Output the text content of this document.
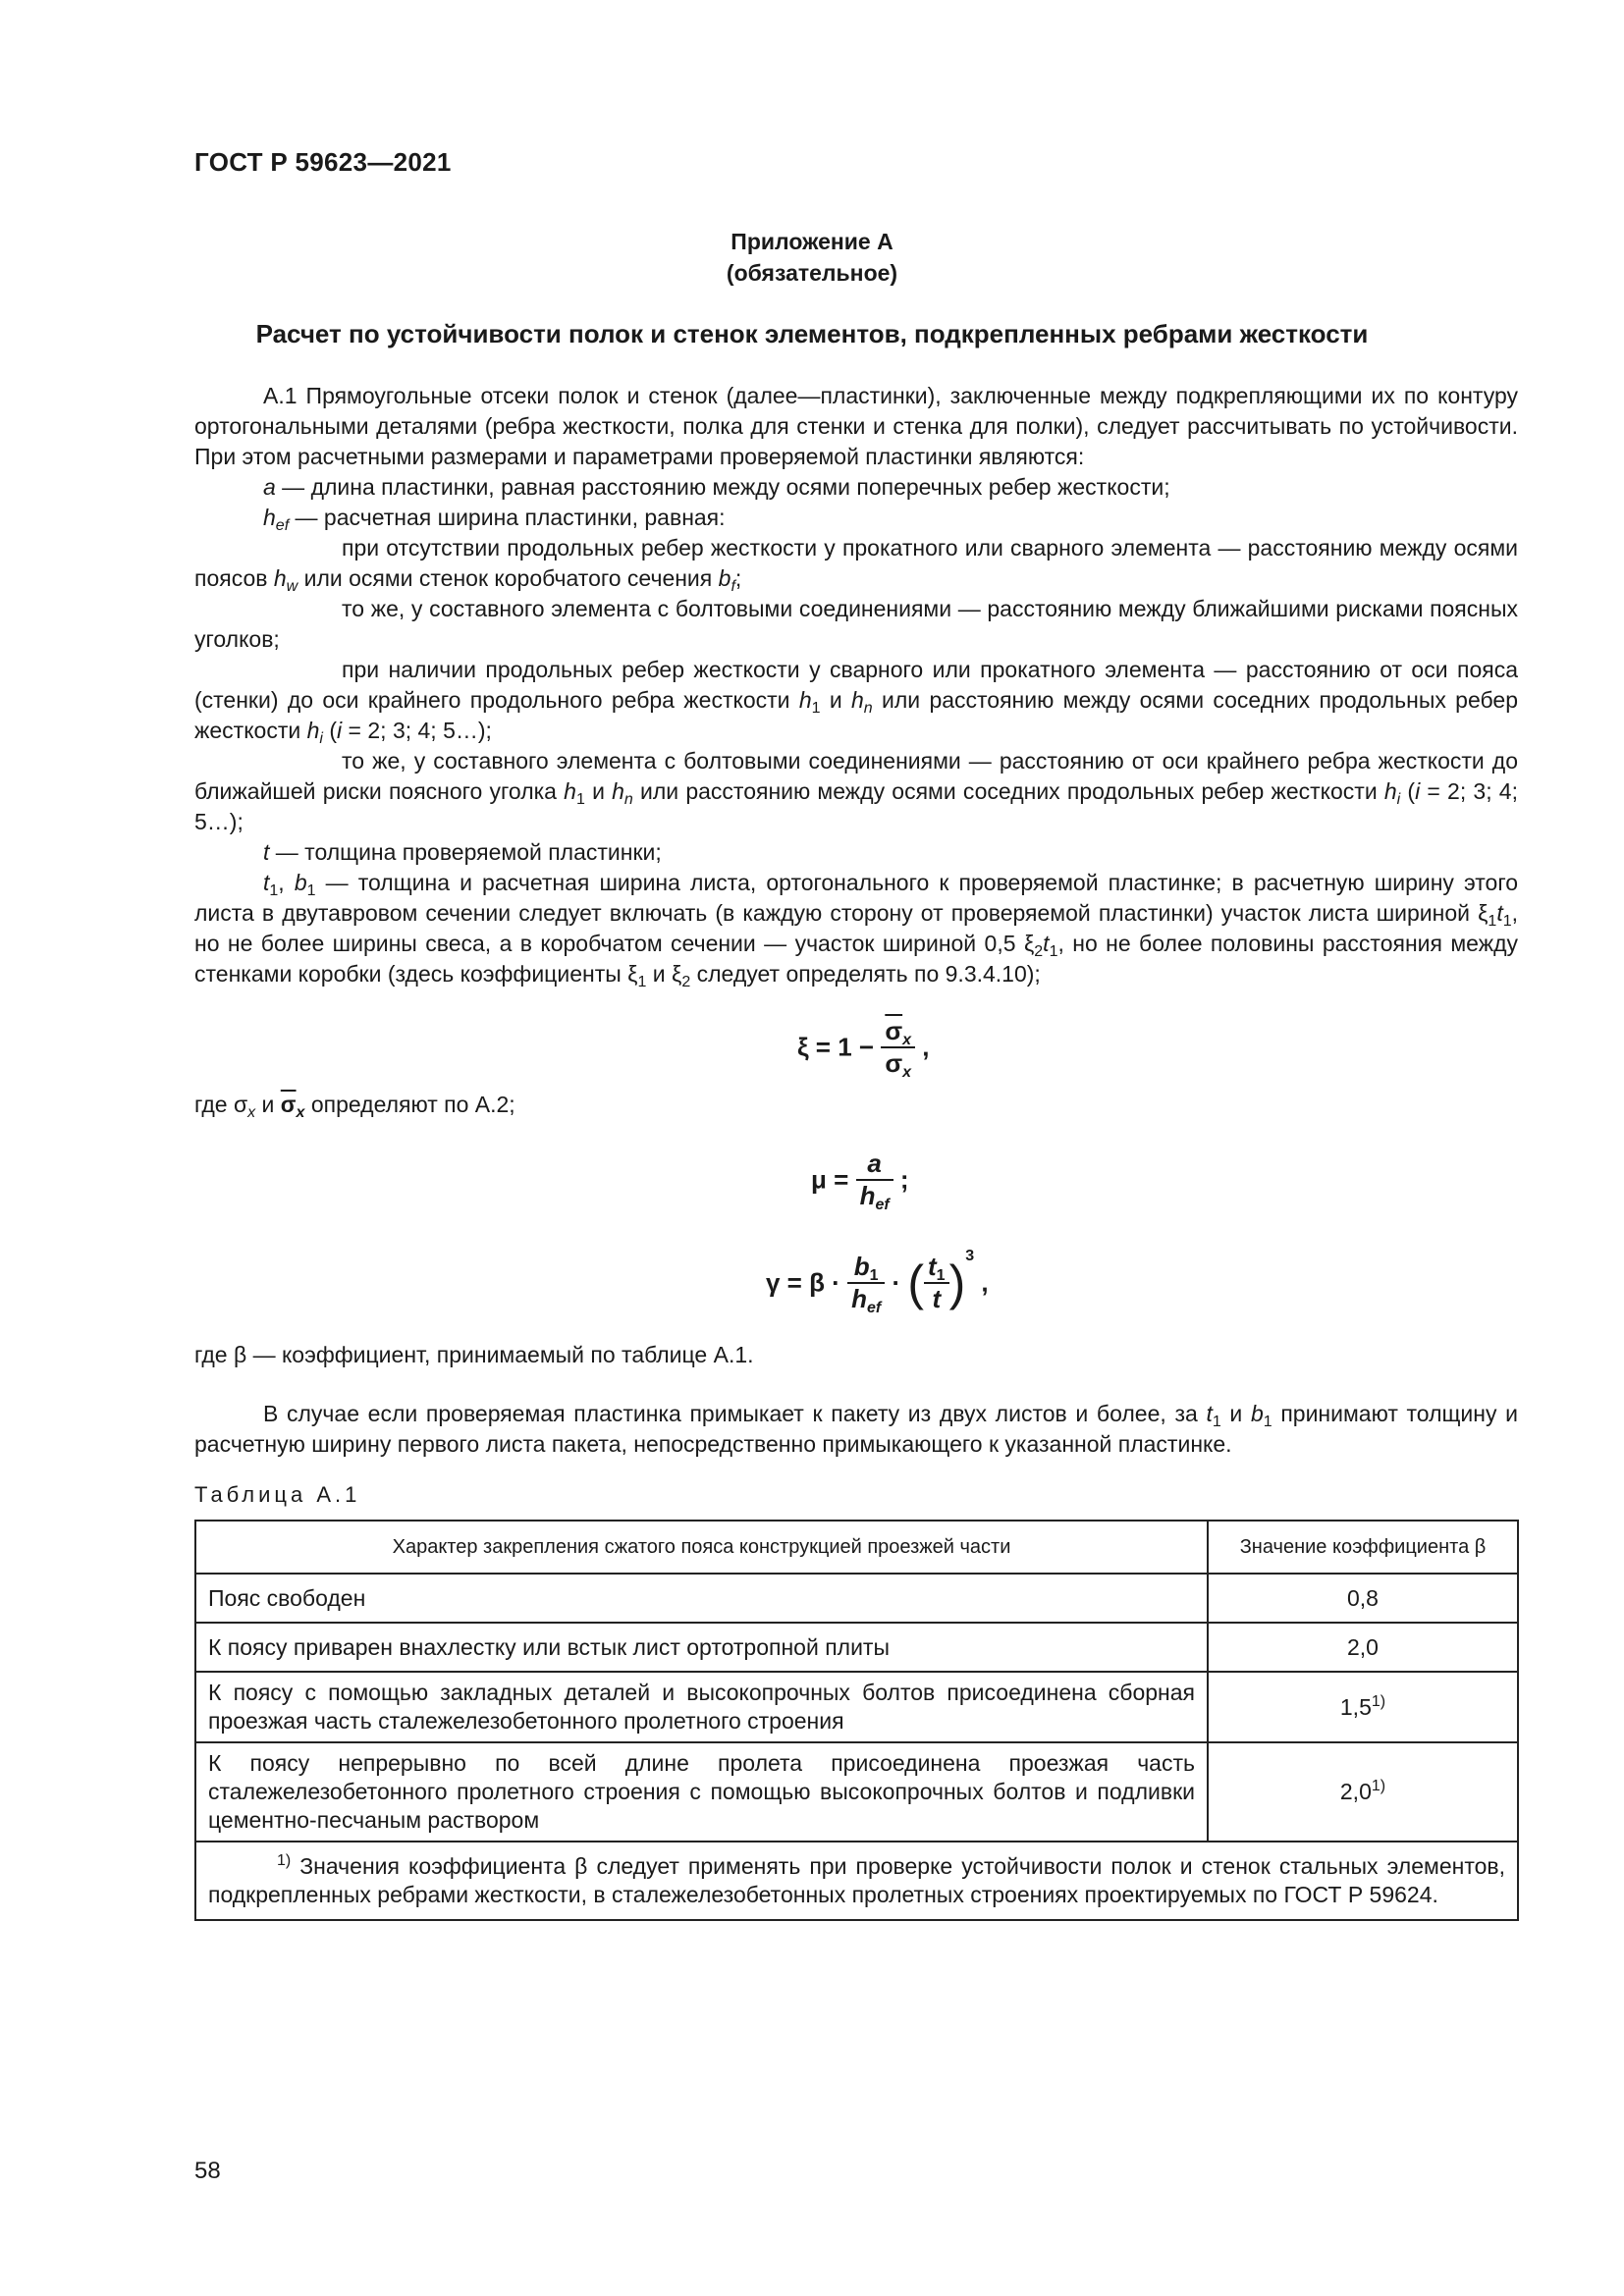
ГОСТ Р 59623—2021
Приложение А
(обязательное)
Расчет по устойчивости полок и стенок элементов, подкрепленных ребрами жесткости

А.1 Прямоугольные отсеки полок и стенок (далее—пластинки), заключенные между подкрепляющими их по контуру ортогональными деталями (ребра жесткости, полка для стенки и стенка для полки), следует рассчитывать по устойчивости. При этом расчетными размерами и параметрами проверяемой пластинки являются:

a — длина пластинки, равная расстоянию между осями поперечных ребер жесткости;

$h_{ef}$ — расчетная ширина пластинки, равная:

при отсутствии продольных ребер жесткости у прокатного или сварного элемента — расстоянию между осями поясов $h_w$ или осями стенок коробчатого сечения $b_f$;

то же, у составного элемента с болтовыми соединениями — расстоянию между ближайшими рисками поясных уголков;

при наличии продольных ребер жесткости у сварного или прокатного элемента — расстоянию от оси пояса (стенки) до оси крайнего продольного ребра жесткости $h_1$ и $h_n$ или расстоянию между осями соседних продольных ребер жесткости $h_i$ (i = 2; 3; 4; 5…);

то же, у составного элемента с болтовыми соединениями — расстоянию от оси крайнего ребра жесткости до ближайшей риски поясного уголка $h_1$ и $h_n$ или расстоянию между осями соседних продольных ребер жесткости $h_i$ (i = 2; 3; 4; 5…);

t — толщина проверяемой пластинки;

$t_1$, $b_1$ — толщина и расчетная ширина листа, ортогонального к проверяемой пластинке; в расчетную ширину этого листа в двутавровом сечении следует включать (в каждую сторону от проверяемой пластинки) участок листа шириной $\xi_1t_1$, но не более ширины свеса, а в коробчатом сечении — участок шириной 0,5 $\xi_2t_1$, но не более половины расстояния между стенками коробки (здесь коэффициенты $\xi_1$ и $\xi_2$ следует определять по 9.3.4.10);

$\xi = 1 - \frac{\overline{\sigma}_x}{\sigma_x}$ ,
где $\sigma_x$ и $\overline{\sigma}_x$ определяют по А.2;
$\mu = \frac{a}{h_{ef}}$ ;
$\gamma = \beta \cdot \frac{b_1}{h_{ef}}$ · ( $\frac{t_1}{t} )^3$ ,
где β — коэффициент, принимаемый по таблице А.1.
В случае если проверяемая пластинка примыкает к пакету из двух листов и более, за $t_1$ и $b_1$ принимают толщину и расчетную ширину первого листа пакета, непосредственно примыкающего к указанной пластинке.
Таблица А.1
Характер закрепления сжатого пояса конструкцией проезжей части	Значение коэффициента β
Пояс свободен	0,8
К поясу приварен внахлестку или встык лист ортотропной плиты	2,0
К поясу с помощью закладных деталей и высокопрочных болтов присоединена сборная проезжая часть сталежелезобетонного пролетного строения	1,5$^{1)}$
К поясу непрерывно по всей длине пролета присоединена проезжая часть сталежелезобетонного пролетного строения с помощью высокопрочных болтов и подливки цементно-песчаным раствором	2,0$^{1)}$
$^{1)}$ Значения коэффициента β следует применять при проверке устойчивости полок и стенок стальных элементов, подкрепленных ребрами жесткости, в сталежелезобетонных пролетных строениях проектируемых по ГОСТ Р 59624.	
58
